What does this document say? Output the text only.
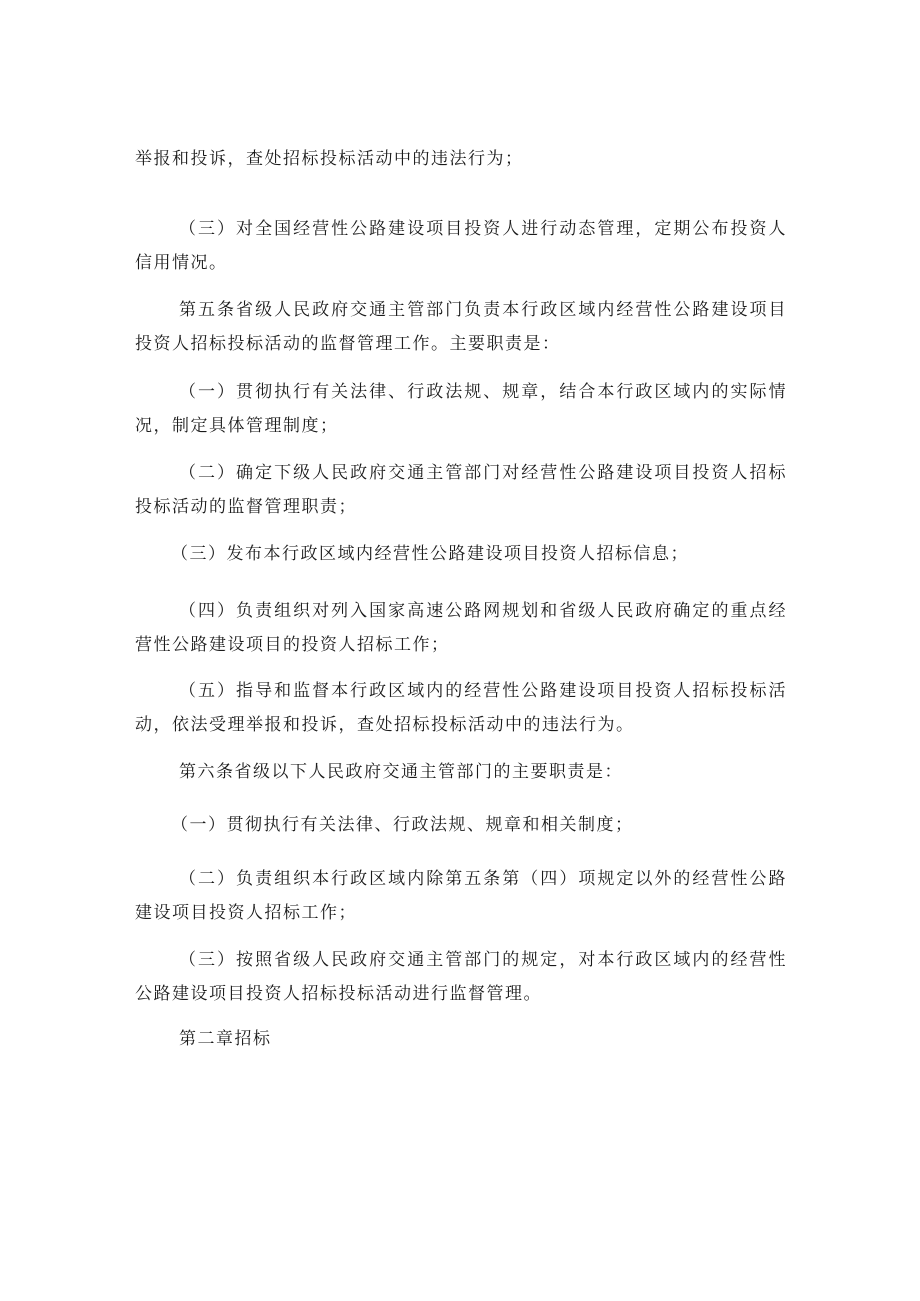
举报和投诉，查处招标投标活动中的违法行为；

（三）对全国经营性公路建设项目投资人进行动态管理，定期公布投资人信用情况。

第五条省级人民政府交通主管部门负责本行政区域内经营性公路建设项目投资人招标投标活动的监督管理工作。主要职责是：

（一）贯彻执行有关法律、行政法规、规章，结合本行政区域内的实际情况，制定具体管理制度；

（二）确定下级人民政府交通主管部门对经营性公路建设项目投资人招标投标活动的监督管理职责；

（三）发布本行政区域内经营性公路建设项目投资人招标信息；

（四）负责组织对列入国家高速公路网规划和省级人民政府确定的重点经营性公路建设项目的投资人招标工作；

（五）指导和监督本行政区域内的经营性公路建设项目投资人招标投标活动，依法受理举报和投诉，查处招标投标活动中的违法行为。

第六条省级以下人民政府交通主管部门的主要职责是：

（一）贯彻执行有关法律、行政法规、规章和相关制度；

（二）负责组织本行政区域内除第五条第（四）项规定以外的经营性公路建设项目投资人招标工作；

（三）按照省级人民政府交通主管部门的规定，对本行政区域内的经营性公路建设项目投资人招标投标活动进行监督管理。

第二章招标
